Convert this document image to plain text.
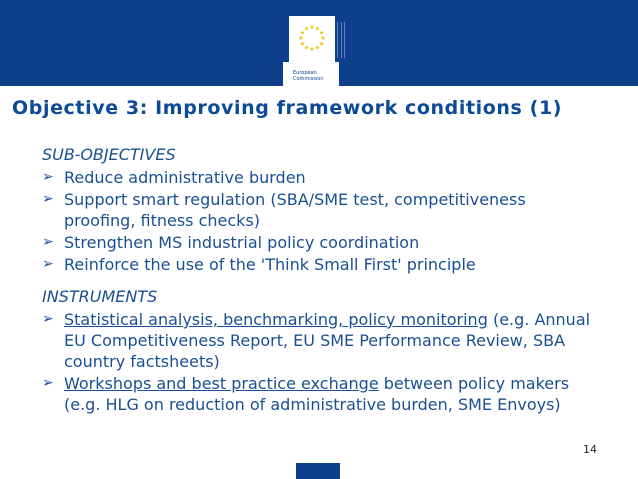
★ ★
★
★
★
★
★
★
★
★
★
★
European
Commission
Objective 3: Improving framework conditions (1)
SUB-OBJECTIVES
➢ Reduce administrative burden
➢ Support smart regulation (SBA/SME test, competitiveness proofing, fitness checks)
➢ Strengthen MS industrial policy coordination
➢ Reinforce the use of the 'Think Small First' principle
INSTRUMENTS
➢ Statistical analysis, benchmarking, policy monitoring (e.g. Annual EU Competitiveness Report, EU SME Performance Review, SBA country factsheets)
➢ Workshops and best practice exchange between policy makers (e.g. HLG on reduction of administrative burden, SME Envoys)
14
